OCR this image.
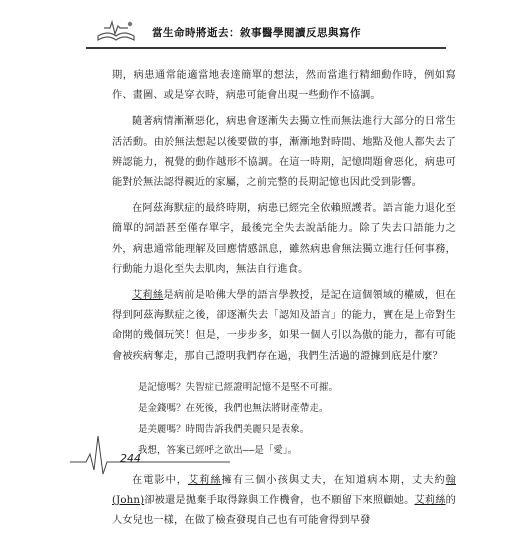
當生命時將逝去：敘事醫學閱讀反思與寫作

期，病患通常能適當地表達簡單的想法，然而當進行精細動作時，例如寫作、畫圖、或是穿衣時，病患可能會出現一些動作不協調。

隨著病情漸漸惡化，病患會逐漸失去獨立性而無法進行大部分的日常生活活動。由於無法想起以後要做的事，漸漸地對時間、地點及他人都失去了辨認能力，視覺的動作越形不協調。在這一時期，記憶問題會惡化，病患可能對於無法認得親近的家屬，之前完整的長期記憶也因此受到影響。

在阿茲海默症的最終時期，病患已經完全依賴照護者。語言能力退化至簡單的詞語甚至僅存單字，最後完全失去說話能力。除了失去口語能力之外，病患通常能理解及回應情感訊息，雖然病患會無法獨立進行任何事務，行動能力退化至失去肌肉，無法自行進食。

艾莉絲是病前是哈佛大學的語言學教授，是記在這個領域的權威，但在得到阿茲海默症之後，卻逐漸失去「認知及語言」的能力，實在是上帝對生命開的幾個玩笑！但是，一步步多，如果一個人引以為傲的能力，都有可能會被疾病奪走，那自己證明我們存在過，我們生活過的證據到底是什麼？

是記憶嗎？失智症已經證明記憶不是堅不可摧。
是金錢嗎？在死後，我們也無法將財產帶走。
是美麗嗎？時間告訴我們美麗只是表象。
我想，答案已經呼之欲出——是「愛」。

在電影中，艾莉絲擁有三個小孩與丈夫，在知道病本期，丈夫約翰(John)卻被還是拋棄手取得錄與工作機會，也不願留下來照顧她。艾莉絲的人女兒也一樣，在做了檢查發現自己也有可能會得到早發

244
